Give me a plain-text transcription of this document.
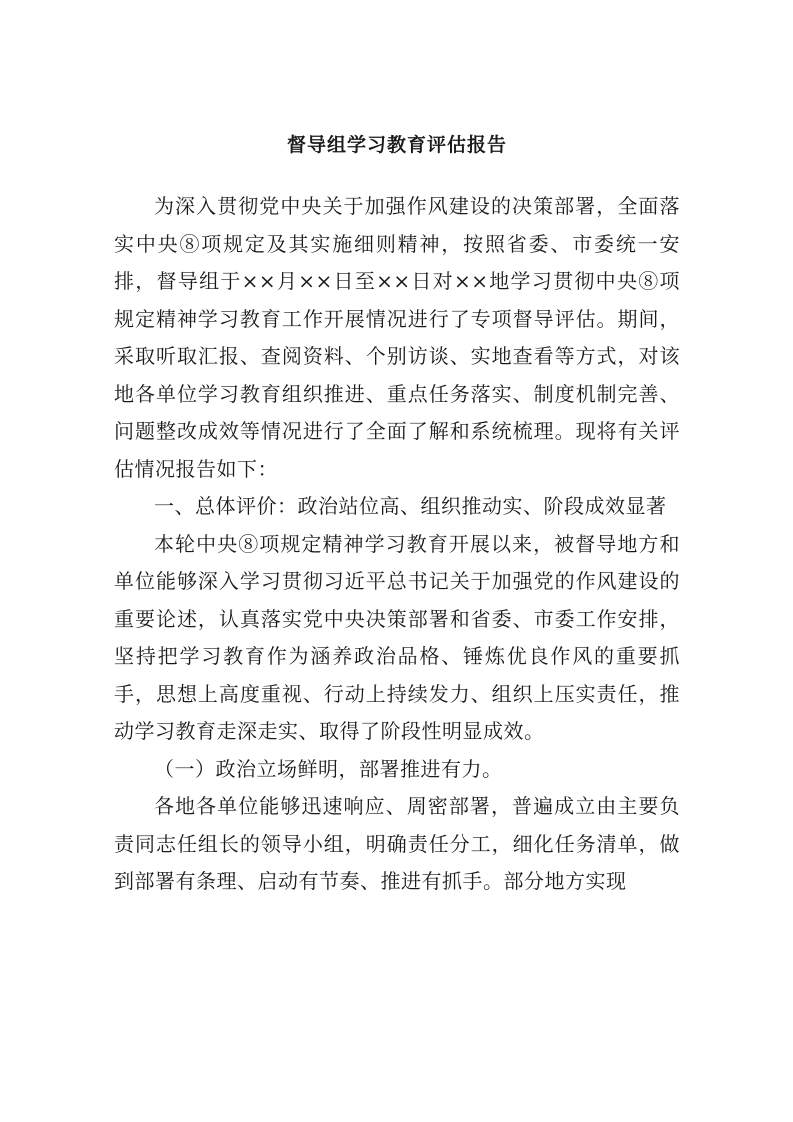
督导组学习教育评估报告

为深入贯彻党中央关于加强作风建设的决策部署，全面落实中央⑧项规定及其实施细则精神，按照省委、市委统一安排，督导组于××月××日至××日对××地学习贯彻中央⑧项规定精神学习教育工作开展情况进行了专项督导评估。期间，采取听取汇报、查阅资料、个别访谈、实地查看等方式，对该地各单位学习教育组织推进、重点任务落实、制度机制完善、问题整改成效等情况进行了全面了解和系统梳理。现将有关评估情况报告如下：

一、总体评价：政治站位高、组织推动实、阶段成效显著

本轮中央⑧项规定精神学习教育开展以来，被督导地方和单位能够深入学习贯彻习近平总书记关于加强党的作风建设的重要论述，认真落实党中央决策部署和省委、市委工作安排，坚持把学习教育作为涵养政治品格、锤炼优良作风的重要抓手，思想上高度重视、行动上持续发力、组织上压实责任，推动学习教育走深走实、取得了阶段性明显成效。

（一）政治立场鲜明，部署推进有力。

各地各单位能够迅速响应、周密部署，普遍成立由主要负责同志任组长的领导小组，明确责任分工，细化任务清单，做到部署有条理、启动有节奏、推进有抓手。部分地方实现
